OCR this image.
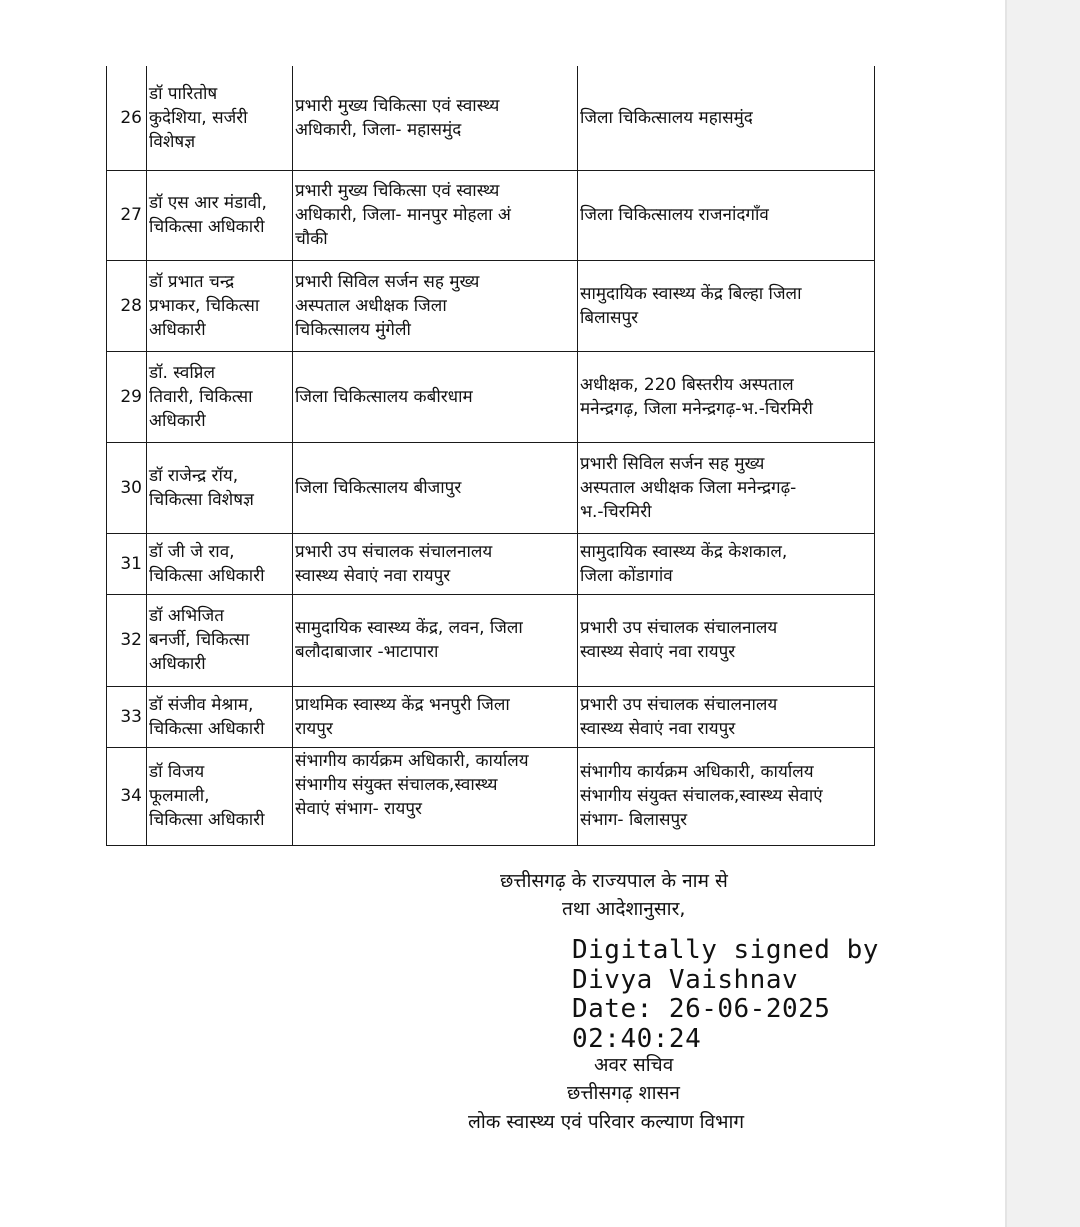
26	डॉ पारितोष
कुदेशिया, सर्जरी
विशेषज्ञ	प्रभारी मुख्य चिकित्सा एवं स्वास्थ्य
अधिकारी, जिला- महासमुंद	जिला चिकित्सालय महासमुंद
27	डॉ एस आर मंडावी,
चिकित्सा अधिकारी	प्रभारी मुख्य चिकित्सा एवं स्वास्थ्य
अधिकारी, जिला- मानपुर मोहला अं
चौकी	जिला चिकित्सालय राजनांदगाँव
28	डॉ प्रभात चन्द्र
प्रभाकर, चिकित्सा
अधिकारी	प्रभारी सिविल सर्जन सह मुख्य
अस्पताल अधीक्षक जिला
चिकित्सालय मुंगेली	सामुदायिक स्वास्थ्य केंद्र बिल्हा जिला
बिलासपुर
29	डॉ. स्वप्निल
तिवारी, चिकित्सा
अधिकारी	जिला चिकित्सालय कबीरधाम	अधीक्षक, 220 बिस्तरीय अस्पताल
मनेन्द्रगढ़, जिला मनेन्द्रगढ़-भ.-चिरमिरी
30	डॉ राजेन्द्र रॉय,
चिकित्सा विशेषज्ञ	जिला चिकित्सालय बीजापुर	प्रभारी सिविल सर्जन सह मुख्य
अस्पताल अधीक्षक जिला मनेन्द्रगढ़-
भ.-चिरमिरी
31	डॉ जी जे राव,
चिकित्सा अधिकारी	प्रभारी उप संचालक संचालनालय
स्वास्थ्य सेवाएं नवा रायपुर	सामुदायिक स्वास्थ्य केंद्र केशकाल,
जिला कोंडागांव
32	डॉ अभिजित
बनर्जी, चिकित्सा
अधिकारी	सामुदायिक स्वास्थ्य केंद्र, लवन, जिला
बलौदाबाजार -भाटापारा	प्रभारी उप संचालक संचालनालय
स्वास्थ्य सेवाएं नवा रायपुर
33	डॉ संजीव मेश्राम,
चिकित्सा अधिकारी	प्राथमिक स्वास्थ्य केंद्र भनपुरी जिला
रायपुर	प्रभारी उप संचालक संचालनालय
स्वास्थ्य सेवाएं नवा रायपुर
34	डॉ विजय
फूलमाली,
चिकित्सा अधिकारी	संभागीय कार्यक्रम अधिकारी, कार्यालय
संभागीय संयुक्त संचालक,स्वास्थ्य
सेवाएं संभाग- रायपुर	संभागीय कार्यक्रम अधिकारी, कार्यालय
संभागीय संयुक्त संचालक,स्वास्थ्य सेवाएं
संभाग- बिलासपुर
छत्तीसगढ़ के राज्यपाल के नाम से
तथा आदेशानुसार,
Digitally signed by
Divya Vaishnav
Date: 26-06-2025
02:40:24
अवर सचिव
छत्तीसगढ़ शासन
लोक स्वास्थ्य एवं परिवार कल्याण विभाग
